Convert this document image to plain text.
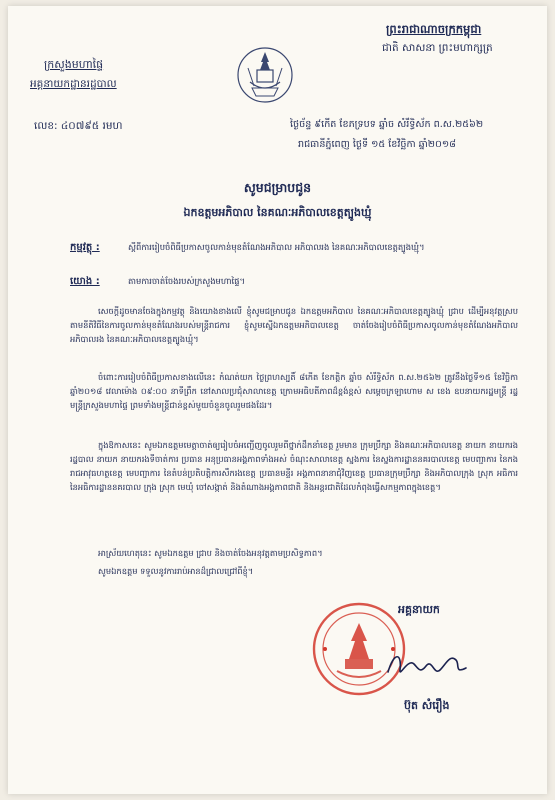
ព្រះរាជាណាចក្រកម្ពុជា
ជាតិ សាសនា ព្រះមហាក្សត្រ
ក្រសួងមហាផ្ទៃ
អគ្គនាយកដ្ឋានរដ្ឋបាល
លេខ: ៤០៧៩៥ រមហ	ថ្ងៃច័ន្ទ ៩កើត ខែភទ្របទ ឆ្នាំច សំរឹទ្ធិស័ក ព.ស.២៥៦២
រាជធានីភ្នំពេញ ថ្ងៃទី ១៥ ខែវិច្ឆិកា ឆ្នាំ២០១៨
សូមជម្រាបជូន
ឯកឧត្តមអភិបាល នៃគណៈអភិបាលខេត្តត្បូងឃ្មុំ
កម្មវត្ថុ :	ស្ដីពីការរៀបចំពិធីប្រកាសចូលកាន់មុខតំណែងអភិបាល អភិបាលរង នៃគណៈអភិបាលខេត្តត្បូងឃ្មុំ។
យោង :	តាមការចាត់ចែងរបស់ក្រសួងមហាផ្ទៃ។
សេចក្ដីដូចមានចែងក្នុងកម្មវត្ថុ និងយោងខាងលើ ខ្ញុំសូមជម្រាបជូន ឯកឧត្តមអភិបាល នៃគណៈអភិបាលខេត្តត្បូងឃ្មុំ ជ្រាប ដើម្បីអនុវត្តស្របតាមនីតិវិធីនៃការចូលកាន់មុខតំណែងរបស់មន្ត្រីរាជការ ខ្ញុំសូមស្នើឯកឧត្តមអភិបាលខេត្ត ចាត់ចែងរៀបចំពិធីប្រកាសចូលកាន់មុខតំណែងអភិបាល អភិបាលរង នៃគណៈអភិបាលខេត្តត្បូងឃ្មុំ។
ចំពោះការរៀបចំពិធីប្រកាសខាងលើនេះ កំណត់យក ថ្ងៃព្រហស្បតិ៍ ៨កើត ខែកត្តិក ឆ្នាំច សំរឹទ្ធិស័ក ព.ស.២៥៦២ ត្រូវនឹងថ្ងៃទី១៥ ខែវិច្ឆិកា ឆ្នាំ២០១៨ វេលាម៉ោង ០៩:០០ នាទីព្រឹក នៅសាលប្រជុំសាលាខេត្ត ក្រោមអធិបតីភាពដ៏ខ្ពង់ខ្ពស់ សម្ដេចក្រឡាហោម ស ខេង ឧបនាយករដ្ឋមន្ត្រី រដ្ឋមន្ត្រីក្រសួងមហាផ្ទៃ ព្រមទាំងមន្ត្រីជាន់ខ្ពស់មួយចំនួនចូលរួមផងដែរ។
ក្នុងឱកាសនេះ សូមឯកឧត្តមមេត្តាចាត់ឲ្យរៀបចំអញ្ជើញចូលរួមពីថ្នាក់ដឹកនាំខេត្ត រួមមាន ក្រុមប្រឹក្សា និងគណៈអភិបាលខេត្ត នាយក នាយករងរដ្ឋបាល នាយក នាយករងទីចាត់ការ ប្រធាន អនុប្រធានអង្គភាពទាំងអស់ ចំណុះសាលាខេត្ត ស្នងការ នៃស្នងការដ្ឋាននគរបាលខេត្ត មេបញ្ជាការ នៃកងរាជអាវុធហត្ថខេត្ត មេបញ្ជាការ នៃតំបន់ប្រតិបត្តិការសឹករងខេត្ត ប្រធានមន្ទីរ អង្គភាពនានាជុំវិញខេត្ត ប្រធានក្រុមប្រឹក្សា និងអភិបាលក្រុង ស្រុក អធិការ នៃអធិការដ្ឋាននគរបាល ក្រុង ស្រុក មេឃុំ ចៅសង្កាត់ និងតំណាងអង្គភាពជាតិ និងអន្តរជាតិដែលកំពុងធ្វើសកម្មភាពក្នុងខេត្ត។
អាស្រ័យហេតុនេះ សូមឯកឧត្តម ជ្រាប និងចាត់ចែងអនុវត្តតាមប្រសិទ្ធភាព។
សូមឯកឧត្តម ទទួលនូវការរាប់អានដ៏ជ្រាលជ្រៅពីខ្ញុំ។
អគ្គនាយក
ប៊ុត សំរឿង
